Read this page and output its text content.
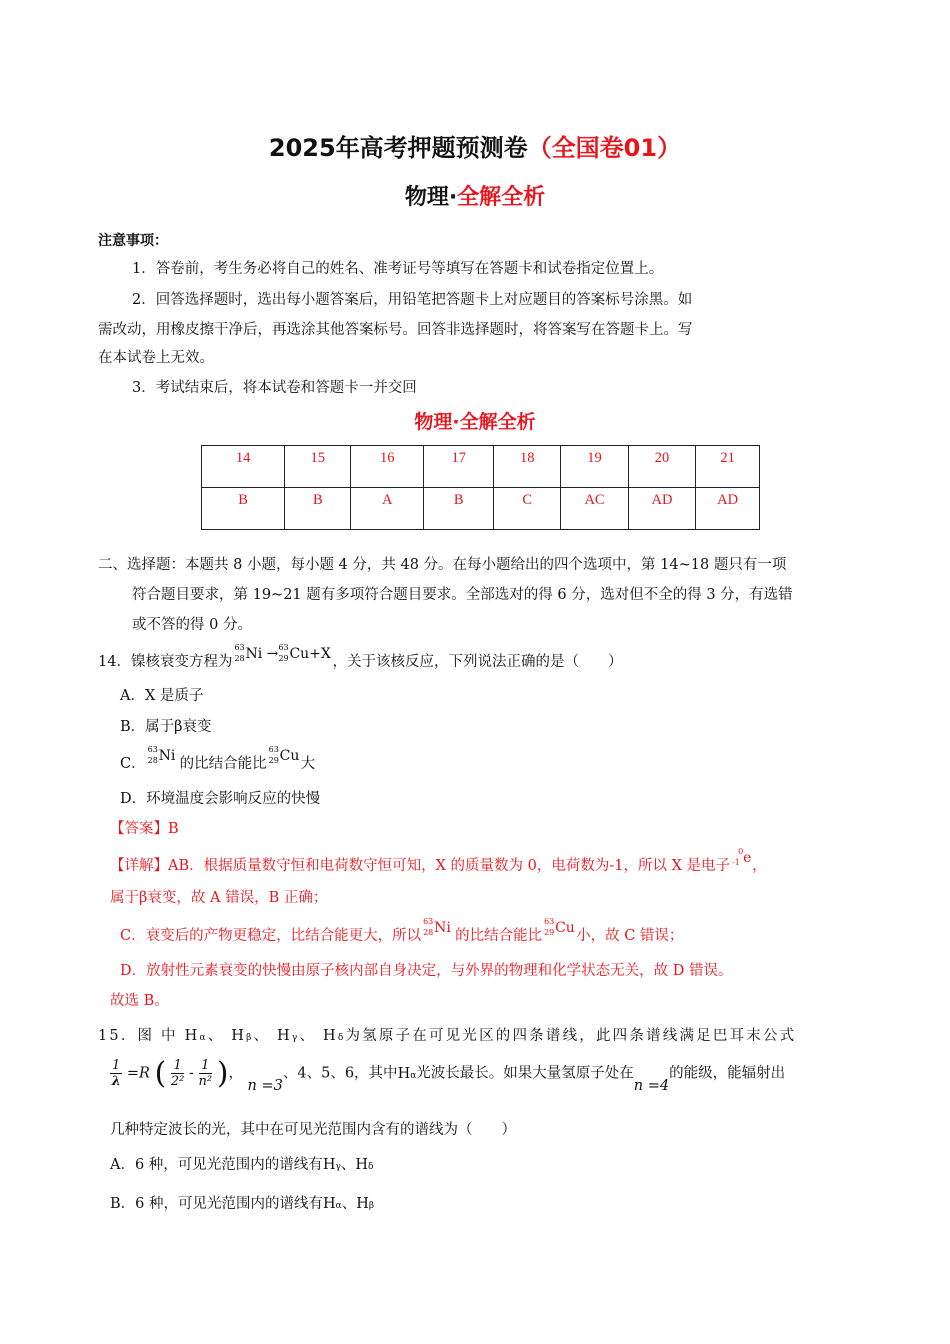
2025年高考押题预测卷（全国卷01）
物理·全解全析
注意事项：
1．答卷前，考生务必将自己的姓名、准考证号等填写在答题卡和试卷指定位置上。
2．回答选择题时，选出每小题答案后，用铅笔把答题卡上对应题目的答案标号涂黑。如
需改动，用橡皮擦干净后，再选涂其他答案标号。回答非选择题时，将答案写在答题卡上。写
在本试卷上无效。
3．考试结束后，将本试卷和答题卡一并交回
物理·全解全析
14	15	16	17	18	19	20	21
B	B	A	B	C	AC	AD	AD
二、选择题：本题共 8 小题，每小题 4 分，共 48 分。在每小题给出的四个选项中，第 14~18 题只有一项
符合题目要求，第 19~21 题有多项符合题目要求。全部选对的得 6 分，选对但不全的得 3 分，有选错
或不答的得 0 分。
14．镍核衰变方程为
63
28 Ni → 63
29 Cu+X ，关于该核反应，下列说法正确的是（　　）
A．X 是质子
B．属于β衰变
C．
63
28 Ni 的比结合能比
63
29 Cu 大
D．环境温度会影响反应的快慢
【答案】B
【详解】AB．根据质量数守恒和电荷数守恒可知，X 的质量数为 0，电荷数为-1，所以 X 是电子
0
-1 e ，
属于β衰变，故 A 错误，B 正确；
C．衰变后的产物更稳定，比结合能更大，所以
63
28 Ni 的比结合能比
63
29 Cu 小，故 C 错误；
D．放射性元素衰变的快慢由原子核内部自身决定，与外界的物理和化学状态无关，故 D 错误。
故选 B。
15．图 中 Hα、 Hβ、 Hγ、 Hδ为氢原子在可见光区的四条谱线，此四条谱线满足巴耳末公式
$\frac{1}{\lambda} =R$ ( $\frac{1}{\text{2²}} - \frac{1}{\text{n²}}$ )， n =3、4、5、6，其中Hα光波长最长。如果大量氢原子处在n =4的能级，能辐射出
几种特定波长的光，其中在可见光范围内含有的谱线为（　　）
A．6 种，可见光范围内的谱线有Hγ、Hδ
B．6 种，可见光范围内的谱线有Hα、Hβ
